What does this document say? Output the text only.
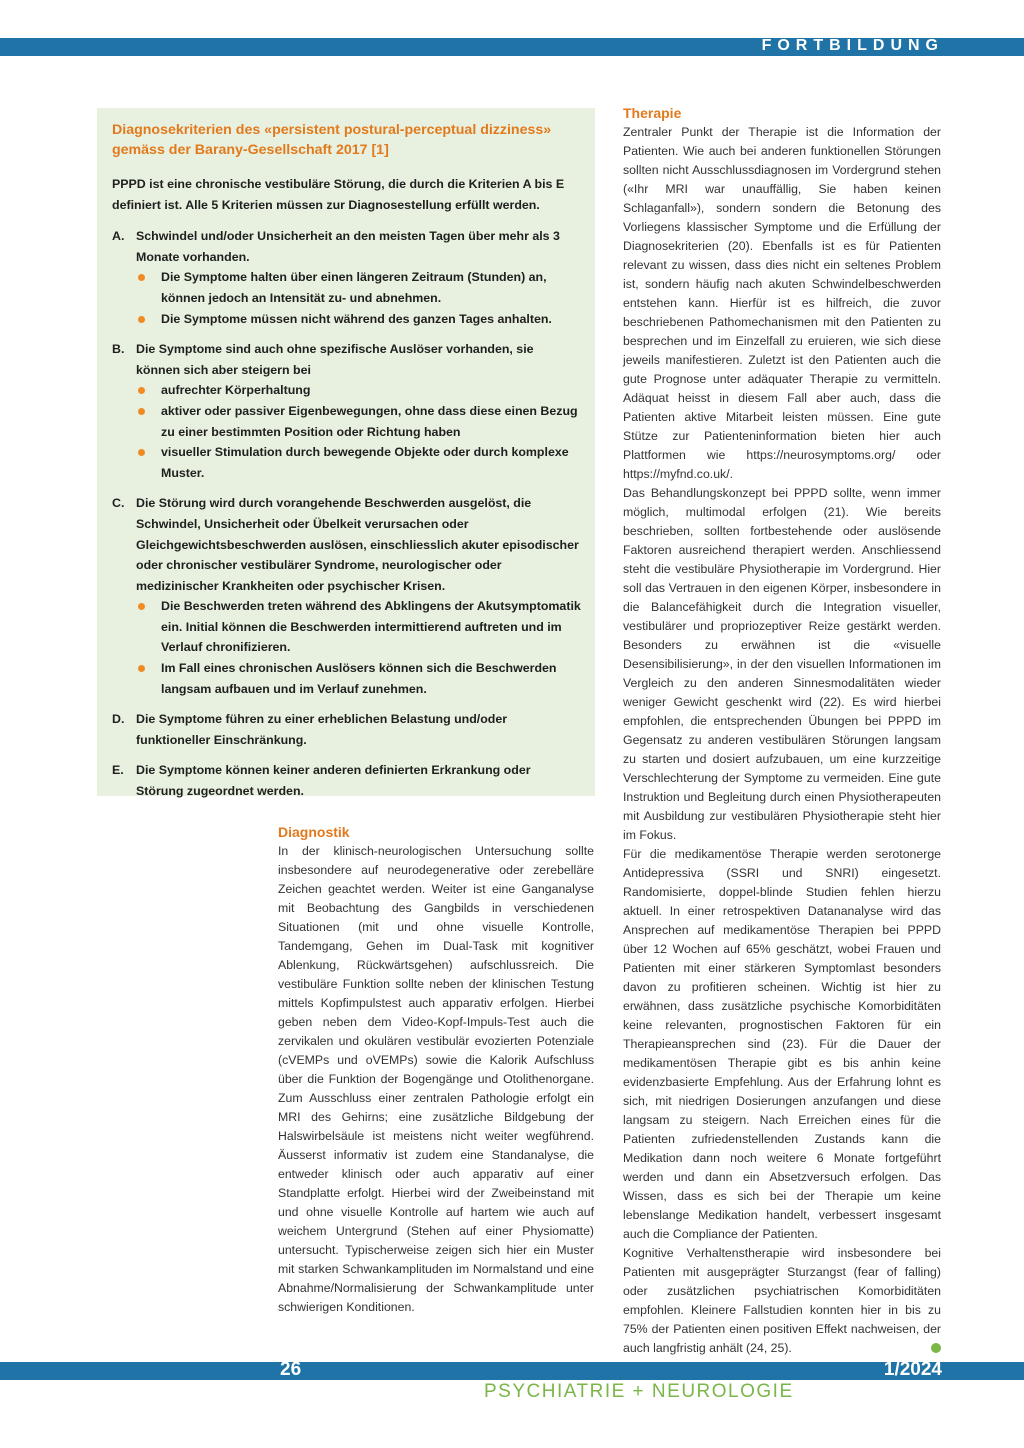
FORTBILDUNG
Diagnosekriterien des «persistent postural-perceptual dizziness»
gemäss der Barany-Gesellschaft 2017 [1]
PPPD ist eine chronische vestibuläre Störung, die durch die Kriterien A bis E definiert ist. Alle 5 Kriterien müssen zur Diagnosestellung erfüllt werden.
A. Schwindel und/oder Unsicherheit an den meisten Tagen über mehr als 3 Monate vorhanden.
Die Symptome halten über einen längeren Zeitraum (Stunden) an, können jedoch an Intensität zu- und abnehmen.
Die Symptome müssen nicht während des ganzen Tages anhalten.
B. Die Symptome sind auch ohne spezifische Auslöser vorhanden, sie können sich aber steigern bei
aufrechter Körperhaltung
aktiver oder passiver Eigenbewegungen, ohne dass diese einen Bezug zu einer bestimmten Position oder Richtung haben
visueller Stimulation durch bewegende Objekte oder durch komplexe Muster.
C. Die Störung wird durch vorangehende Beschwerden ausgelöst, die Schwindel, Unsicherheit oder Übelkeit verursachen oder Gleichgewichtsbeschwerden auslösen, einschliesslich akuter episodischer oder chronischer vestibulärer Syndrome, neurologischer oder medizinischer Krankheiten oder psychischer Krisen.
Die Beschwerden treten während des Abklingens der Akutsymptomatik ein. Initial können die Beschwerden intermittierend auftreten und im Verlauf chronifizieren.
Im Fall eines chronischen Auslösers können sich die Beschwerden langsam aufbauen und im Verlauf zunehmen.
D. Die Symptome führen zu einer erheblichen Belastung und/oder funktioneller Einschränkung.
E. Die Symptome können keiner anderen definierten Erkrankung oder Störung zugeordnet werden.
Diagnostik

In der klinisch-neurologischen Untersuchung sollte insbesondere auf neurodegenerative oder zerebelläre Zeichen geachtet werden. Weiter ist eine Ganganalyse mit Beobachtung des Gangbilds in verschiedenen Situationen (mit und ohne visuelle Kontrolle, Tandemgang, Gehen im Dual-Task mit kognitiver Ablenkung, Rückwärtsgehen) aufschlussreich. Die vestibuläre Funktion sollte neben der klinischen Testung mittels Kopfimpulstest auch apparativ erfolgen. Hierbei geben neben dem Video-Kopf-Impuls-Test auch die zervikalen und okulären vestibulär evozierten Potenziale (cVEMPs und oVEMPs) sowie die Kalorik Aufschluss über die Funktion der Bogengänge und Otolithenorgane. Zum Ausschluss einer zentralen Pathologie erfolgt ein MRI des Gehirns; eine zusätzliche Bildgebung der Halswirbelsäule ist meistens nicht weiter wegführend. Äusserst informativ ist zudem eine Standanalyse, die entweder klinisch oder auch apparativ auf einer Standplatte erfolgt. Hierbei wird der Zweibeinstand mit und ohne visuelle Kontrolle auf hartem wie auch auf weichem Untergrund (Stehen auf einer Physiomatte) untersucht. Typischerweise zeigen sich hier ein Muster mit starken Schwankamplituden im Normalstand und eine Abnahme/Normalisierung der Schwankamplitude unter schwierigen Konditionen.

Therapie

Zentraler Punkt der Therapie ist die Information der Patienten. Wie auch bei anderen funktionellen Störungen sollten nicht Ausschlussdiagnosen im Vordergrund stehen («Ihr MRI war unauffällig, Sie haben keinen Schlaganfall»), sondern sondern die Betonung des Vorliegens klassischer Symptome und die Erfüllung der Diagnosekriterien (20). Ebenfalls ist es für Patienten relevant zu wissen, dass dies nicht ein seltenes Problem ist, sondern häufig nach akuten Schwindelbeschwerden entstehen kann. Hierfür ist es hilfreich, die zuvor beschriebenen Pathomechanismen mit den Patienten zu besprechen und im Einzelfall zu eruieren, wie sich diese jeweils manifestieren. Zuletzt ist den Patienten auch die gute Prognose unter adäquater Therapie zu vermitteln. Adäquat heisst in diesem Fall aber auch, dass die Patienten aktive Mitarbeit leisten müssen. Eine gute Stütze zur Patienteninformation bieten hier auch Plattformen wie https://neurosymptoms.org/ oder https://myfnd.co.uk/.

Das Behandlungskonzept bei PPPD sollte, wenn immer möglich, multimodal erfolgen (21). Wie bereits beschrieben, sollten fortbestehende oder auslösende Faktoren ausreichend therapiert werden. Anschliessend steht die vestibuläre Physiotherapie im Vordergrund. Hier soll das Vertrauen in den eigenen Körper, insbesondere in die Balancefähigkeit durch die Integration visueller, vestibulärer und propriozeptiver Reize gestärkt werden. Besonders zu erwähnen ist die «visuelle Desensibilisierung», in der den visuellen Informationen im Vergleich zu den anderen Sinnesmodalitäten wieder weniger Gewicht geschenkt wird (22). Es wird hierbei empfohlen, die entsprechenden Übungen bei PPPD im Gegensatz zu anderen vestibulären Störungen langsam zu starten und dosiert aufzubauen, um eine kurzzeitige Verschlechterung der Symptome zu vermeiden. Eine gute Instruktion und Begleitung durch einen Physiotherapeuten mit Ausbildung zur vestibulären Physiotherapie steht hier im Fokus.

Für die medikamentöse Therapie werden serotonerge Antidepressiva (SSRI und SNRI) eingesetzt. Randomisierte, doppel-blinde Studien fehlen hierzu aktuell. In einer retrospektiven Datananalyse wird das Ansprechen auf medikamentöse Therapien bei PPPD über 12 Wochen auf 65% geschätzt, wobei Frauen und Patienten mit einer stärkeren Symptomlast besonders davon zu profitieren scheinen. Wichtig ist hier zu erwähnen, dass zusätzliche psychische Komorbiditäten keine relevanten, prognostischen Faktoren für ein Therapieansprechen sind (23). Für die Dauer der medikamentösen Therapie gibt es bis anhin keine evidenzbasierte Empfehlung. Aus der Erfahrung lohnt es sich, mit niedrigen Dosierungen anzufangen und diese langsam zu steigern. Nach Erreichen eines für die Patienten zufriedenstellenden Zustands kann die Medikation dann noch weitere 6 Monate fortgeführt werden und dann ein Absetzversuch erfolgen. Das Wissen, dass es sich bei der Therapie um keine lebenslange Medikation handelt, verbessert insgesamt auch die Compliance der Patienten.

Kognitive Verhaltenstherapie wird insbesondere bei Patienten mit ausgeprägter Sturzangst (fear of falling) oder zusätzlichen psychiatrischen Komorbiditäten empfohlen. Kleinere Fallstudien konnten hier in bis zu 75% der Patienten einen positiven Effekt nachweisen, der auch langfristig anhält (24, 25).

26	1/2024
PSYCHIATRIE + NEUROLOGIE
